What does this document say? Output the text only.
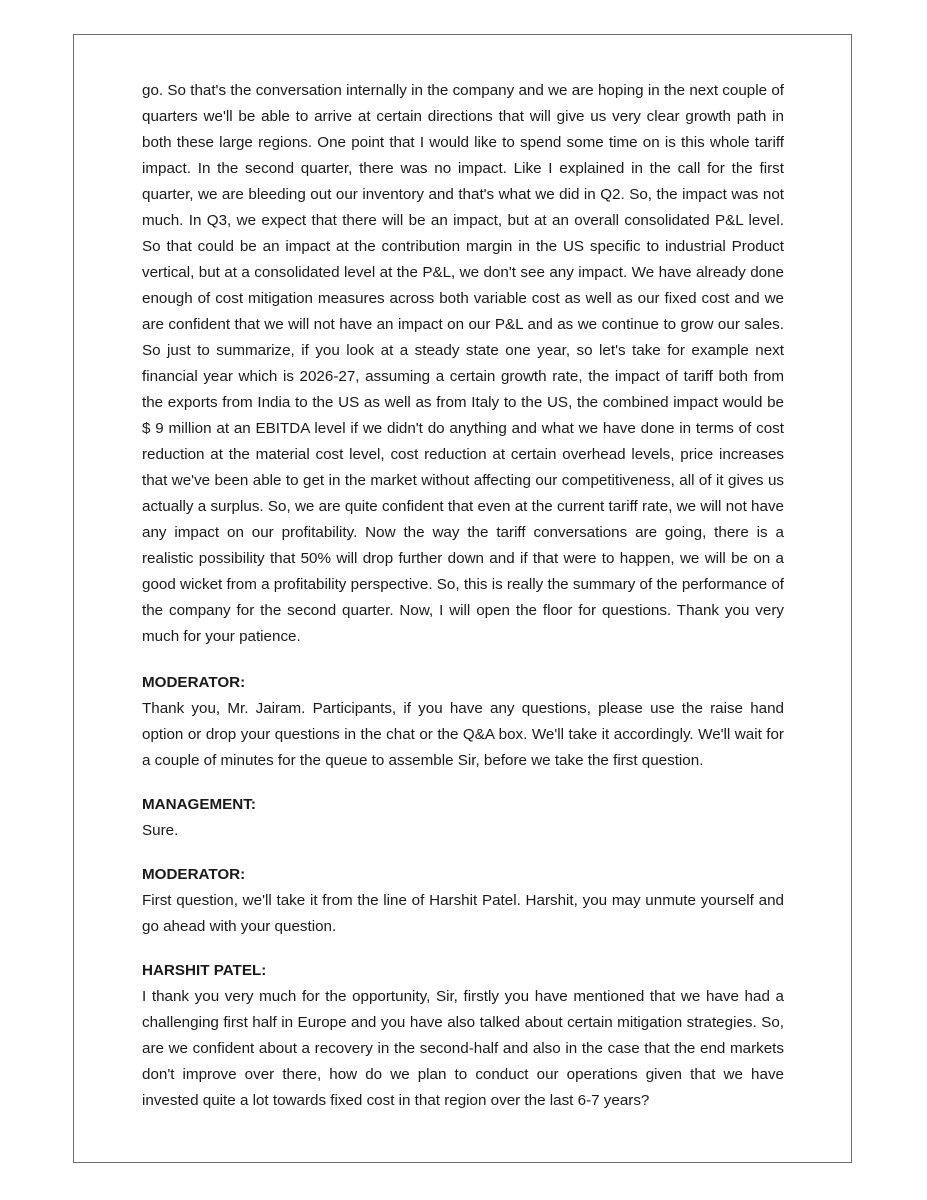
go. So that's the conversation internally in the company and we are hoping in the next couple of quarters we'll be able to arrive at certain directions that will give us very clear growth path in both these large regions. One point that I would like to spend some time on is this whole tariff impact. In the second quarter, there was no impact. Like I explained in the call for the first quarter, we are bleeding out our inventory and that's what we did in Q2. So, the impact was not much. In Q3, we expect that there will be an impact, but at an overall consolidated P&L level. So that could be an impact at the contribution margin in the US specific to industrial Product vertical, but at a consolidated level at the P&L, we don't see any impact. We have already done enough of cost mitigation measures across both variable cost as well as our fixed cost and we are confident that we will not have an impact on our P&L and as we continue to grow our sales. So just to summarize, if you look at a steady state one year, so let's take for example next financial year which is 2026-27, assuming a certain growth rate, the impact of tariff both from the exports from India to the US as well as from Italy to the US, the combined impact would be $ 9 million at an EBITDA level if we didn't do anything and what we have done in terms of cost reduction at the material cost level, cost reduction at certain overhead levels, price increases that we've been able to get in the market without affecting our competitiveness, all of it gives us actually a surplus. So, we are quite confident that even at the current tariff rate, we will not have any impact on our profitability. Now the way the tariff conversations are going, there is a realistic possibility that 50% will drop further down and if that were to happen, we will be on a good wicket from a profitability perspective. So, this is really the summary of the performance of the company for the second quarter. Now, I will open the floor for questions. Thank you very much for your patience.

MODERATOR:

Thank you, Mr. Jairam. Participants, if you have any questions, please use the raise hand option or drop your questions in the chat or the Q&A box. We'll take it accordingly. We'll wait for a couple of minutes for the queue to assemble Sir, before we take the first question.

MANAGEMENT:

Sure.

MODERATOR:

First question, we'll take it from the line of Harshit Patel. Harshit, you may unmute yourself and go ahead with your question.

HARSHIT PATEL:

I thank you very much for the opportunity, Sir, firstly you have mentioned that we have had a challenging first half in Europe and you have also talked about certain mitigation strategies. So, are we confident about a recovery in the second-half and also in the case that the end markets don't improve over there, how do we plan to conduct our operations given that we have invested quite a lot towards fixed cost in that region over the last 6-7 years?
